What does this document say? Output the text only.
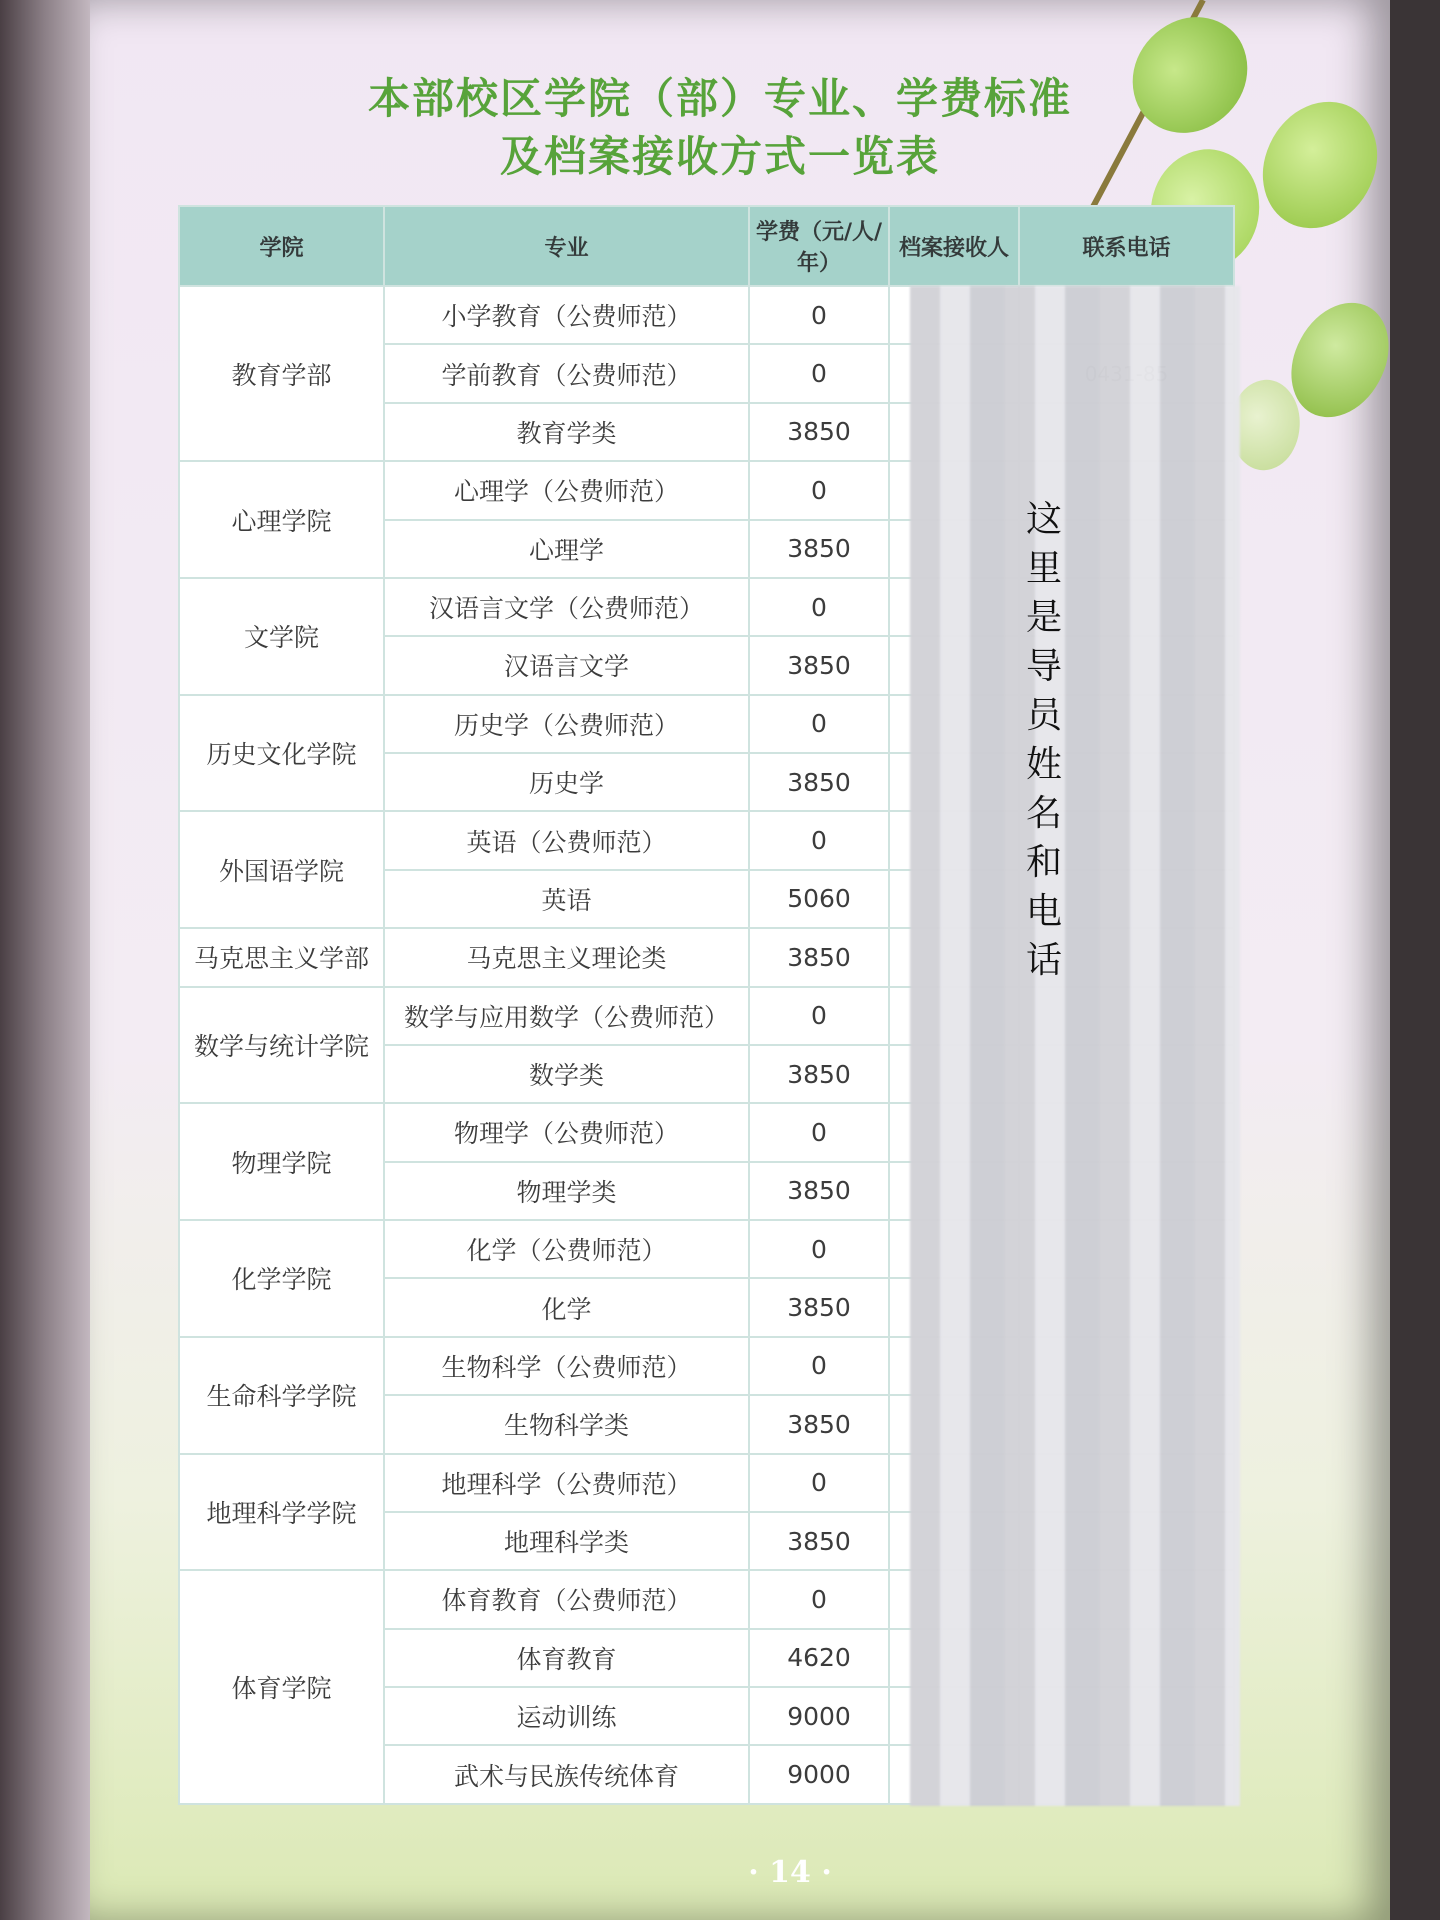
本部校区学院（部）专业、学费标准
及档案接收方式一览表
学院	专业	学费（元/人/年）	档案接收人	联系电话
教育学部	小学教育（公费师范）	0		
	学前教育（公费师范）	0		
	教育学类	3850		
心理学院	心理学（公费师范）	0		
	心理学	3850		
文学院	汉语言文学（公费师范）	0		
	汉语言文学	3850		
历史文化学院	历史学（公费师范）	0		
	历史学	3850		
外国语学院	英语（公费师范）	0		
	英语	5060		
马克思主义学部	马克思主义理论类	3850		
数学与统计学院	数学与应用数学（公费师范）	0		
	数学类	3850		
物理学院	物理学（公费师范）	0		
	物理学类	3850		
化学学院	化学（公费师范）	0		
	化学	3850		
生命科学学院	生物科学（公费师范）	0		
	生物科学类	3850		
地理科学学院	地理科学（公费师范）	0		
	地理科学类	3850		
体育学院	体育教育（公费师范）	0		
	体育教育	4620		
	运动训练	9000		
	武术与民族传统体育	9000		
这里是导员姓名和电话
· 14 ·
